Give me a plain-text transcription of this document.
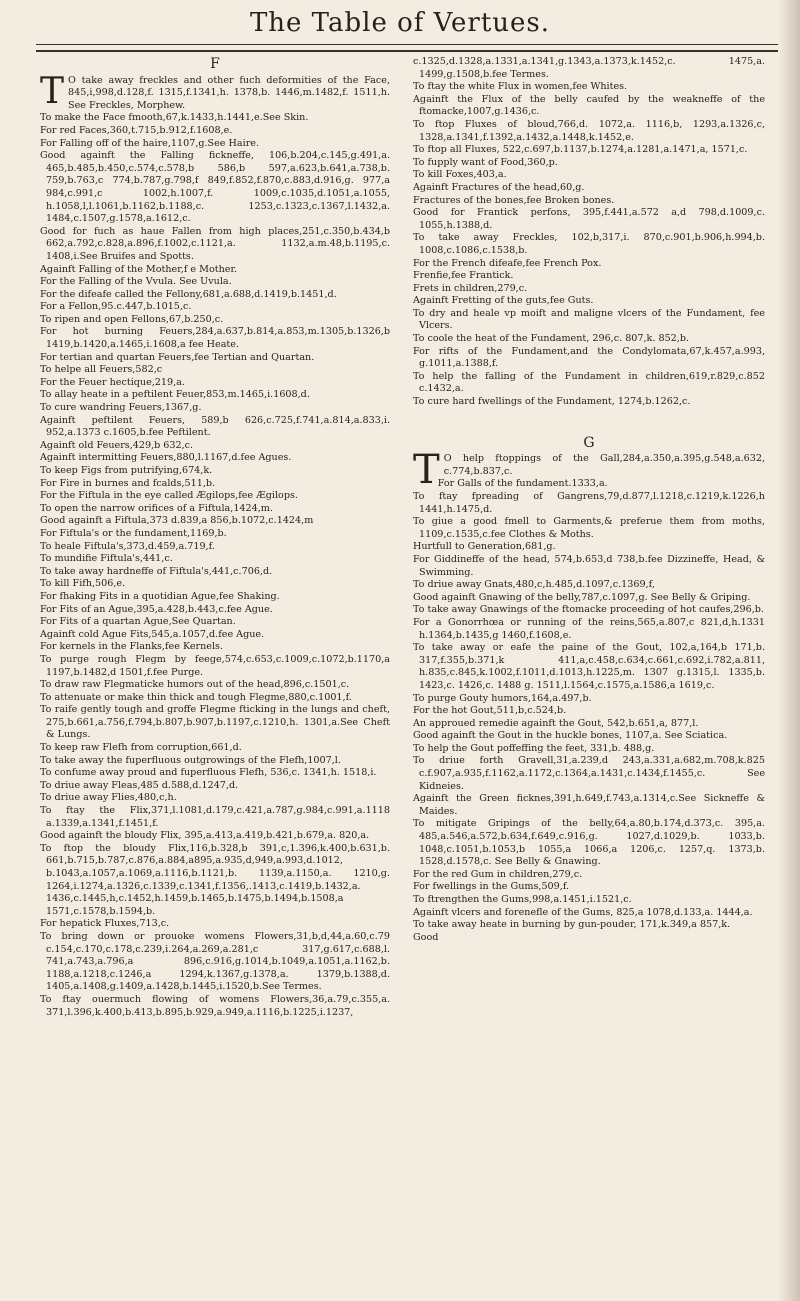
The Table of Vertues.
F

TO take away freckles and other fuch deformities of the Face, 845,i,998,d.128,f. 1315,f.1341,h. 1378,b. 1446,m.1482,f. 1511,h. See Freckles, Morphew.

To make the Face fmooth,67,k.1433,h.1441,e.See Skin.

For red Faces,360,t.715,b.912,f.1608,e.

For Falling off of the haire,1107,g.See Haire.

Good againft the Falling fickneffe, 106,b.204,c.145,g.491,a. 465,b.485,b.450,c.574,c.578,b 586,b 597,a.623,b.641,a.738,b. 759,b.763,c 774,b.787,g.798,f 849,f.852,f.870,c.883,d.916,g. 977,a 984,c.991,c 1002,h.1007,f. 1009,c.1035,d.1051,a.1055, h.1058,l,l.1061,b.1162,b.1188,c. 1253,c.1323,c.1367,l.1432,a. 1484,c.1507,g.1578,a.1612,c.

Good for fuch as haue Fallen from high places,251,c.350,b.434,b 662,a.792,c.828,a.896,f.1002,c.1121,a. 1132,a.m.48,b.1195,c. 1408,i.See Bruifes and Spotts.

Againft Falling of the Mother,f e Mother.

For the Falling of the Vvula. See Uvula.

For the difeafe called the Fellony,681,a.688,d.1419,b.1451,d.

For a Fellon,95.c.447,b.1015,c.

To ripen and open Fellons,67,b.250,c.

For hot burning Feuers,284,a.637,b.814,a.853,m.1305,b.1326,b 1419,b.1420,a.1465,i.1608,a fee Heate.

For tertian and quartan Feuers,fee Tertian and Quartan.

To helpe all Feuers,582,c

For the Feuer hectique,219,a.

To allay heate in a peftilent Feuer,853,m.1465,i.1608,d.

To cure wandring Feuers,1367,g.

Againft peftilent Feuers, 589,b 626,c.725,f.741,a.814,a.833,i. 952,a.1373 c.1605,b.fee Peftilent.

Againft old Feuers,429,b 632,c.

Againft intermitting Feuers,880,l.1167,d.fee Agues.

To keep Figs from putrifying,674,k.

For Fire in burnes and fcalds,511,b.

For the Fiftula in the eye called Ægilops,fee Ægilops.

To open the narrow orifices of a Fiftula,1424,m.

Good againft a Fiftula,373 d.839,a 856,b.1072,c.1424,m

For Fiftula's or the fundament,1169,b.

To heale Fiftula's,373,d.459,a.719,f.

To mundifie Fiftula's,441,c.

To take away hardneffe of Fiftula's,441,c.706,d.

To kill Fifh,506,e.

For fhaking Fits in a quotidian Ague,fee Shaking.

For Fits of an Ague,395,a.428,b.443,c.fee Ague.

For Fits of a quartan Ague,See Quartan.

Againft cold Ague Fits,545,a.1057,d.fee Ague.

For kernels in the Flanks,fee Kernels.

To purge rough Flegm by feege,574,c.653,c.1009,c.1072,b.1170,a 1197,b.1482,d 1501,f.fee Purge.

To draw raw Flegmaticke humors out of the head,896,c.1501,c.

To attenuate or make thin thick and tough Flegme,880,c.1001,f.

To raife gently tough and groffe Flegme fticking in the lungs and cheft, 275,b.661,a.756,f.794,b.807,b.907,b.1197,c.1210,h. 1301,a.See Cheft & Lungs.

To keep raw Flefh from corruption,661,d.

To take away the fuperfluous outgrowings of the Flefh,1007,l.

To confume away proud and fuperfluous Flefh, 536,c. 1341,h. 1518,i.

To driue away Fleas,485 d.588,d.1247,d.

To driue away Flies,480,c,h.

To ftay the Flix,371,l.1081,d.179,c.421,a.787,g.984,c.991,a.1118 a.1339,a.1341,f.1451,f.

Good againft the bloudy Flix, 395,a.413,a.419,b.421,b.679,a. 820,a.

To ftop the bloudy Flix,116,b.328,b 391,c,1.396,k.400,b.631,b. 661,b.715,b.787,c.876,a.884,a895,a.935,d,949,a.993,d.1012, b.1043,a.1057,a.1069,a.1116,b.1121,b. 1139,a.1150,a. 1210,g. 1264,i.1274,a.1326,c.1339,c.1341,f.1356,.1413,c.1419,b.1432,a. 1436,c.1445,h,c.1452,h.1459,b.1465,b.1475,b.1494,b.1508,a 1571,c.1578,b.1594,b.

For hepatick Fluxes,713,c.

To bring down or prouoke womens Flowers,31,b,d,44,a.60,c.79 c.154,c.170,c.178,c.239,i.264,a.269,a.281,c 317,g.617,c.688,l. 741,a.743,a.796,a 896,c.916,g.1014,b.1049,a.1051,a.1162,b. 1188,a.1218,c.1246,a 1294,k.1367,g.1378,a. 1379,b.1388,d. 1405,a.1408,g.1409,a.1428,b.1445,i.1520,b.See Termes.

To ftay ouermuch flowing of womens Flowers,36,a.79,c.355,a. 371,l.396,k.400,b.413,b.895,b.929,a.949,a.1116,b.1225,i.1237,

c.1325,d.1328,a.1331,a.1341,g.1343,a.1373,k.1452,c. 1475,a. 1499,g.1508,b.fee Termes.

To ftay the white Flux in women,fee Whites.

Againft the Flux of the belly caufed by the weakneffe of the ftomacke,1007,g.1436,c.

To ftop Fluxes of bloud,766,d. 1072,a. 1116,b, 1293,a.1326,c, 1328,a.1341,f.1392,a.1432,a.1448,k.1452,e.

To ftop all Fluxes, 522,c.697,b.1137,b.1274,a.1281,a.1471,a, 1571,c.

To fupply want of Food,360,p.

To kill Foxes,403,a.

Againft Fractures of the head,60,g.

Fractures of the bones,fee Broken bones.

Good for Frantick perfons, 395,f.441,a.572 a,d 798,d.1009,c. 1055,h.1388,d.

To take away Freckles, 102,b,317,i. 870,c.901,b.906,h.994,b. 1008,c.1086,c.1538,b.

For the French difeafe,fee French Pox.

Frenfie,fee Frantick.

Frets in children,279,c.

Againft Fretting of the guts,fee Guts.

To dry and heale vp moift and maligne vlcers of the Fundament, fee Vlcers.

To coole the heat of the Fundament, 296,c. 807,k. 852,b.

For rifts of the Fundament,and the Condylomata,67,k.457,a.993, g.1011,a.1388,f.

To help the falling of the Fundament in children,619,r.829,c.852 c.1432,a.

To cure hard fwellings of the Fundament, 1274,b.1262,c.

G

TO help ftoppings of the Gall,284,a.350,a.395,g.548,a.632, c.774,b.837,c.

For Galls of the fundament.1333,a.

To ftay fpreading of Gangrens,79,d.877,l.1218,c.1219,k.1226,h 1441,h.1475,d.

To giue a good fmell to Garments,& preferue them from moths, 1109,c.1535,c.fee Clothes & Moths.

Hurtfull to Generation,681,g.

For Giddineffe of the head, 574,b.653,d 738,b.fee Dizzineffe, Head, & Swimming.

To driue away Gnats,480,c,h.485,d.1097,c.1369,f,

Good againft Gnawing of the belly,787,c.1097,g. See Belly & Griping.

To take away Gnawings of the ftomacke proceeding of hot caufes,296,b.

For a Gonorrhœa or running of the reins,565,a.807,c 821,d,h.1331 h.1364,b.1435,g 1460,f.1608,e.

To take away or eafe the paine of the Gout, 102,a,164,b 171,b. 317,f.355,b.371,k 411,a,c.458,c.634,c.661,c.692,i.782,a.811, h.835,c.845,k.1002,f.1011,d.1013,h.1225,m. 1307 g.1315,l. 1335,b. 1423,c. 1426,c. 1488 g. 1511,l.1564,c.1575,a.1586,a 1619,c.

To purge Gouty humors,164,a.497,b.

For the hot Gout,511,b,c.524,b.

An approued remedie againft the Gout, 542,b.651,a, 877,l.

Good againft the Gout in the huckle bones, 1107,a. See Sciatica.

To help the Gout poffeffing the feet, 331,b. 488,g.

To driue forth Gravell,31,a.239,d 243,a.331,a.682,m.708,k.825 c.f.907,a.935,f.1162,a.1172,c.1364,a.1431,c.1434,f.1455,c. See Kidneies.

Againft the Green ficknes,391,h.649,f.743,a.1314,c.See Sickneffe & Maides.

To mitigate Gripings of the belly,64,a.80,b.174,d.373,c. 395,a. 485,a.546,a.572,b.634,f.649,c.916,g. 1027,d.1029,b. 1033,b. 1048,c.1051,b.1053,b 1055,a 1066,a 1206,c. 1257,q. 1373,b. 1528,d.1578,c. See Belly & Gnawing.

For the red Gum in children,279,c.

For fwellings in the Gums,509,f.

To ftrengthen the Gums,998,a.1451,i.1521,c.

Againft vlcers and forenefle of the Gums, 825,a 1078,d.133,a. 1444,a.

To take away heate in burning by gun-pouder, 171,k.349,a 857,k.

Good
